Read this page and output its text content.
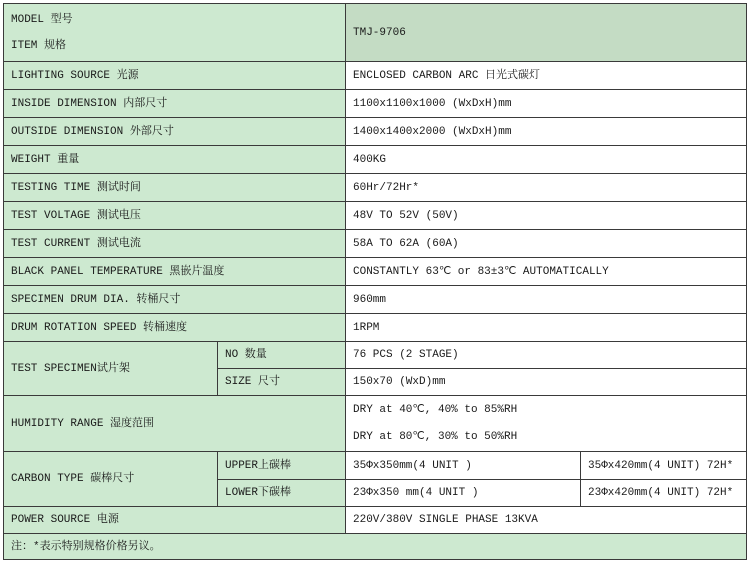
MODEL 型号
ITEM 规格		TMJ-9706	
LIGHTING SOURCE 光源		ENCLOSED CARBON ARC 日光式碳灯	
INSIDE DIMENSION 内部尺寸		1100x1100x1000 (WxDxH)mm	
OUTSIDE DIMENSION 外部尺寸		1400x1400x2000 (WxDxH)mm	
WEIGHT 重量		400KG	
TESTING TIME 测试时间		60Hr/72Hr*	
TEST VOLTAGE 测试电压		48V TO 52V (50V)	
TEST CURRENT 测试电流		58A TO 62A (60A)	
BLACK PANEL TEMPERATURE 黑嵌片温度		CONSTANTLY 63℃ or 83±3℃ AUTOMATICALLY	
SPECIMEN DRUM DIA. 转桶尺寸		960mm	
DRUM ROTATION SPEED 转桶速度		1RPM	
TEST SPECIMEN试片架	NO 数量	76 PCS (2 STAGE)	
	SIZE 尺寸	150x70 (WxD)mm	
HUMIDITY RANGE 湿度范围		DRY at 40℃, 40% to 85%RH
DRY at 80℃, 30% to 50%RH	

CARBON TYPE 碳棒尺寸	UPPER上碳棒	35Φx350mm(4 UNIT )	35Φx420mm(4 UNIT) 72H*
	LOWER下碳棒	23Φx350 mm(4 UNIT )	23Φx420mm(4 UNIT) 72H*
POWER SOURCE 电源		220V/380V SINGLE PHASE 13KVA	
注：*表示特别规格价格另议。			
